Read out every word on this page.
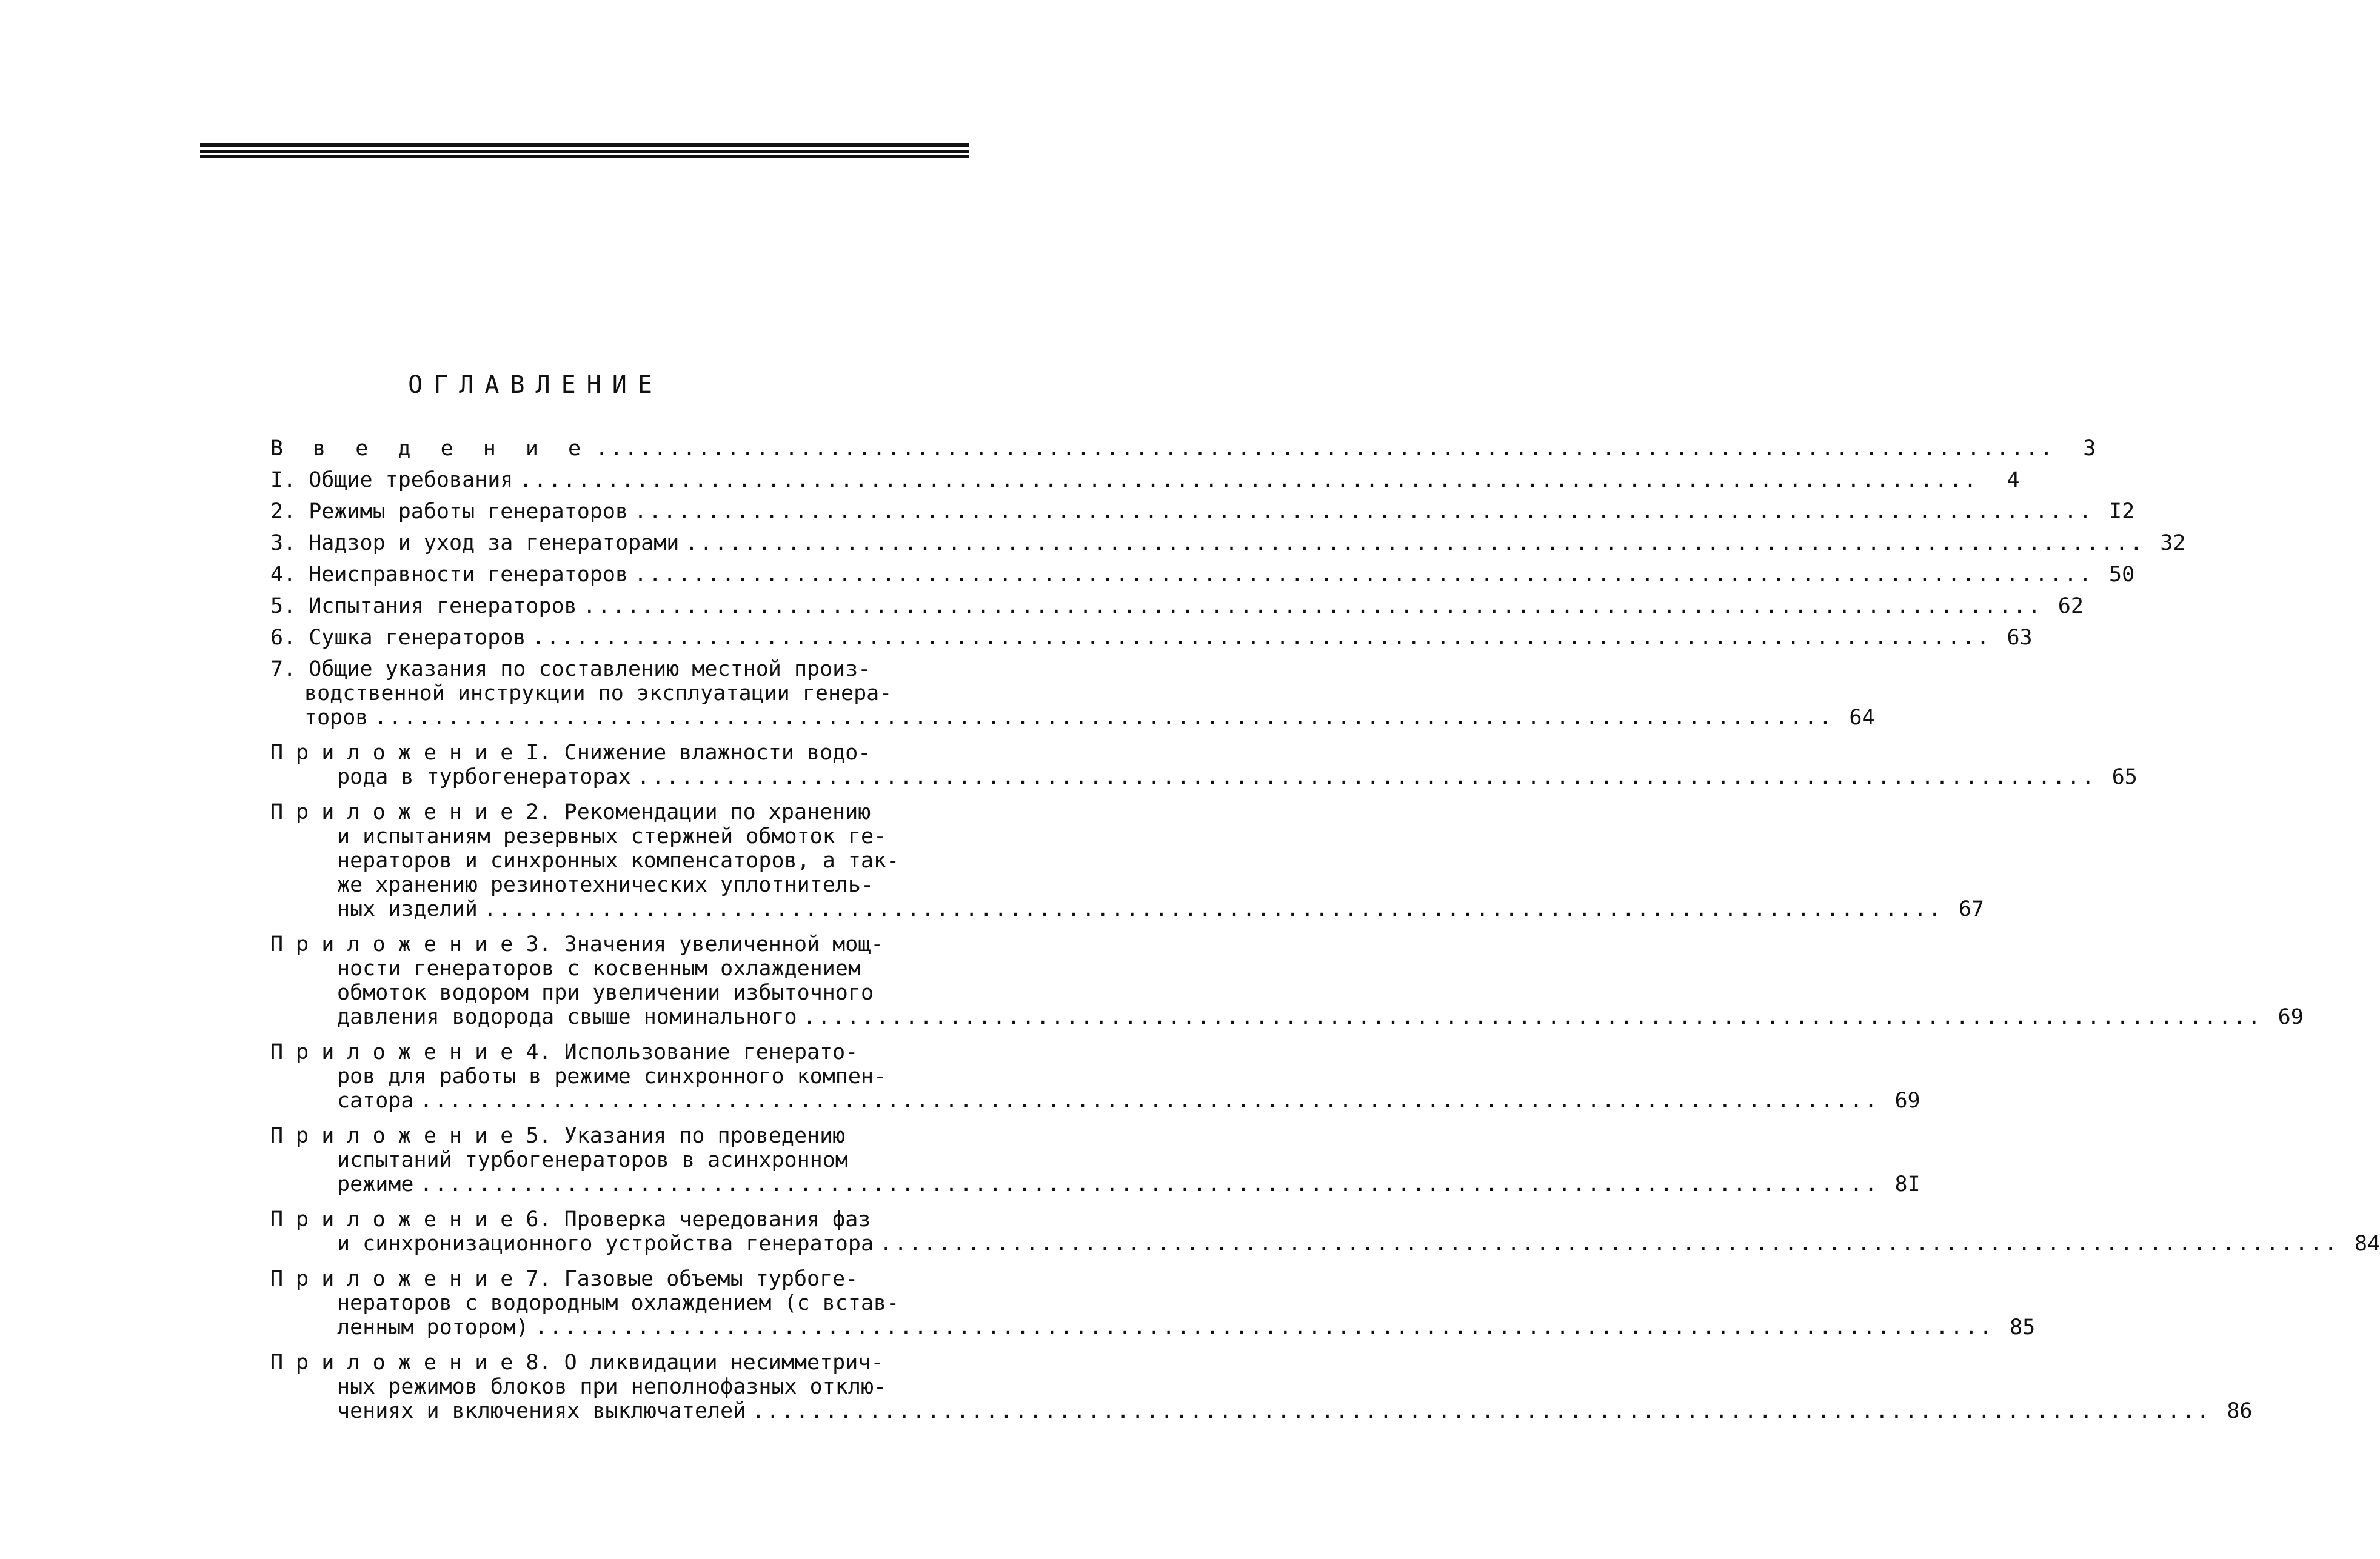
ОГЛАВЛЕНИЕ
В в е д е н и е ....................................................................................................	3
I. Общие требования ....................................................................................................	4
2. Режимы работы генераторов .................................................................................................... I2
3. Надзор и уход за генераторами .................................................................................................... 32
4. Неисправности генераторов .................................................................................................... 50
5. Испытания генераторов .................................................................................................... 62
6. Сушка генераторов .................................................................................................... 63
7. Общие указания по составлению местной произ-
водственной инструкции по эксплуатации генера-
торов .................................................................................................... 64
П р и л о ж е н и е I. Снижение влажности водо-
рода в турбогенераторах .................................................................................................... 65
П р и л о ж е н и е 2. Рекомендации по хранению
и испытаниям резервных стержней обмоток ге-
нераторов и синхронных компенсаторов, а так-
же хранению резинотехнических уплотнитель-
ных изделий .................................................................................................... 67
П р и л о ж е н и е 3. Значения увеличенной мощ-
ности генераторов с косвенным охлаждением
обмоток водором при увеличении избыточного
давления водорода свыше номинального .................................................................................................... 69
П р и л о ж е н и е 4. Использование генерато-
ров для работы в режиме синхронного компен-
сатора .................................................................................................... 69
П р и л о ж е н и е 5. Указания по проведению
испытаний турбогенераторов в асинхронном
режиме .................................................................................................... 8I
П р и л о ж е н и е 6. Проверка чередования фаз
и синхронизационного устройства генератора .................................................................................................... 84
П р и л о ж е н и е 7. Газовые объемы турбоге-
нераторов с водородным охлаждением (с встав-
ленным ротором) .................................................................................................... 85
П р и л о ж е н и е 8. О ликвидации несимметрич-
ных режимов блоков при неполнофазных отклю-
чениях и включениях выключателей .................................................................................................... 86
